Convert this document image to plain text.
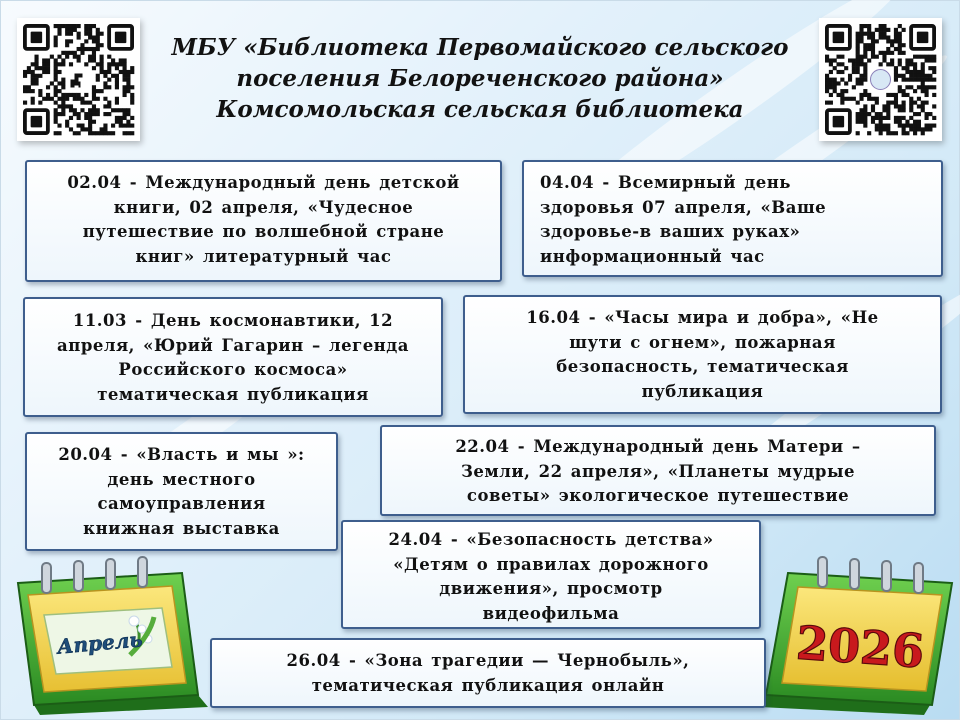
МБУ «Библиотека Первомайского сельского
поселения Белореченского района»
Комсомольская сельская библиотека
02.04 - Международный день детской
книги, 02 апреля, «Чудесное
путешествие по волшебной стране
книг» литературный час
04.04 - Всемирный день
здоровья 07 апреля, «Ваше
здоровье-в ваших руках»
информационный час
11.03 - День космонавтики, 12
апреля, «Юрий Гагарин – легенда
Российского космоса»
тематическая публикация
16.04 - «Часы мира и добра», «Не
шути с огнем», пожарная
безопасность, тематическая
публикация
20.04 - «Власть и мы »:
день местного
самоуправления
книжная выставка
22.04 - Международный день Матери –
Земли, 22 апреля», «Планеты мудрые
советы» экологическое путешествие
Апрель	2026
24.04 - «Безопасность детства»
«Детям о правилах дорожного
движения», просмотр
видеофильма
26.04 - «Зона трагедии — Чернобыль»,
тематическая публикация онлайн
